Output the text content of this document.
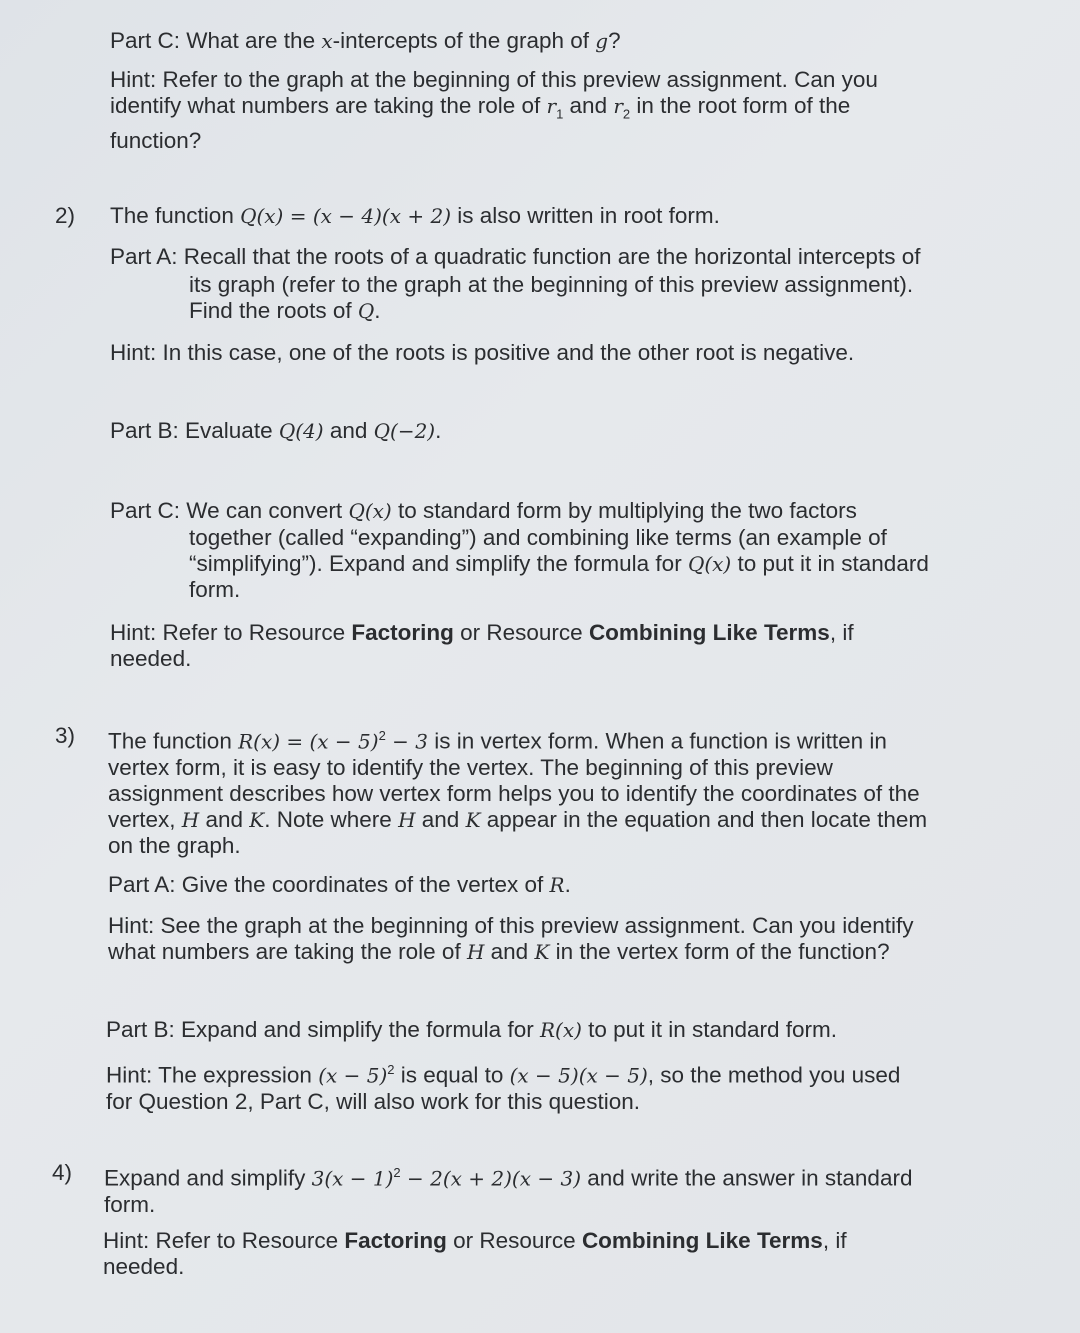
Part C: What are the x-intercepts of the graph of g?

Hint: Refer to the graph at the beginning of this preview assignment. Can you

identify what numbers are taking the role of $r_1$ and $r_2$ in the root form of the

function?

2) The function Q(x) = (x − 4)(x + 2) is also written in root form.

Part A: Recall that the roots of a quadratic function are the horizontal intercepts of

its graph (refer to the graph at the beginning of this preview assignment).

Find the roots of Q.

Hint: In this case, one of the roots is positive and the other root is negative.

Part B: Evaluate Q(4) and Q(−2).

Part C: We can convert Q(x) to standard form by multiplying the two factors

together (called “expanding”) and combining like terms (an example of

“simplifying”). Expand and simplify the formula for Q(x) to put it in standard

form.

Hint: Refer to Resource Factoring or Resource Combining Like Terms, if

needed.

3) The function $R(x) = (x - 5)^2 - 3$ is in vertex form. When a function is written in

vertex form, it is easy to identify the vertex. The beginning of this preview

assignment describes how vertex form helps you to identify the coordinates of the

vertex, H and K. Note where H and K appear in the equation and then locate them

on the graph.

Part A: Give the coordinates of the vertex of R.

Hint: See the graph at the beginning of this preview assignment. Can you identify

what numbers are taking the role of H and K in the vertex form of the function?

Part B: Expand and simplify the formula for R(x) to put it in standard form.

Hint: The expression $(x - 5)^2$ is equal to (x − 5)(x − 5), so the method you used

for Question 2, Part C, will also work for this question.

4) Expand and simplify $3(x - 1)^2 - 2(x + 2)(x - 3)$ and write the answer in standard

form.

Hint: Refer to Resource Factoring or Resource Combining Like Terms, if

needed.
